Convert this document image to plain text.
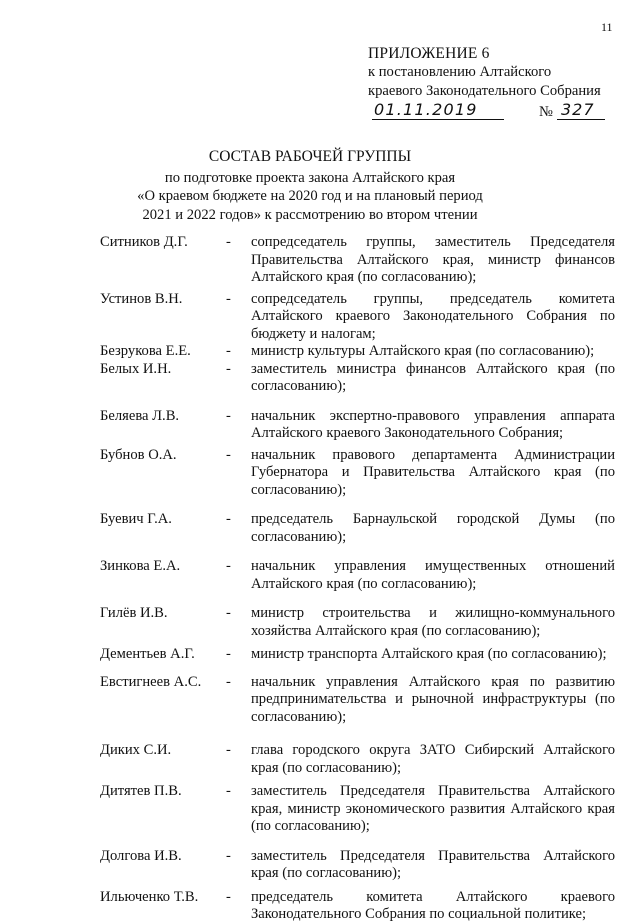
11
ПРИЛОЖЕНИЕ 6
к постановлению Алтайского
краевого Законодательного Собрания
01.11.2019	№ 327
СОСТАВ РАБОЧЕЙ ГРУППЫ
по подготовке проекта закона Алтайского края
«О краевом бюджете на 2020 год и на плановый период
2021 и 2022 годов» к рассмотрению во втором чтении
Ситников Д.Г.	-	сопредседатель группы, заместитель Председателя Правительства Алтайского края, министр финансов Алтайского края (по согласованию);
Устинов В.Н.	-	сопредседатель группы, председатель комитета Алтайского краевого Законодательного Собрания по бюджету и налогам;
Безрукова Е.Е.	-	министр культуры Алтайского края (по согласованию);
Белых И.Н.	-	заместитель министра финансов Алтайского края (по согласованию);
Беляева Л.В.	-	начальник экспертно-правового управления аппарата Алтайского краевого Законодательного Собрания;
Бубнов О.А.	-	начальник правового департамента Администрации Губернатора и Правительства Алтайского края (по согласованию);
Буевич Г.А.	-	председатель Барнаульской городской Думы (по согласованию);
Зинкова Е.А.	-	начальник управления имущественных отношений Алтайского края (по согласованию);
Гилёв И.В.	-	министр строительства и жилищно-коммунального хозяйства Алтайского края (по согласованию);
Дементьев А.Г.	-	министр транспорта Алтайского края (по согласованию);
Евстигнеев А.С.	-	начальник управления Алтайского края по развитию предпринимательства и рыночной инфраструктуры (по согласованию);
Диких С.И.	-	глава городского округа ЗАТО Сибирский Алтайского края (по согласованию);
Дитятев П.В.	-	заместитель Председателя Правительства Алтайского края, министр экономического развития Алтайского края (по согласованию);
Долгова И.В.	-	заместитель Председателя Правительства Алтайского края (по согласованию);
Ильюченко Т.В.	-	председатель комитета Алтайского краевого Законодательного Собрания по социальной политике;
